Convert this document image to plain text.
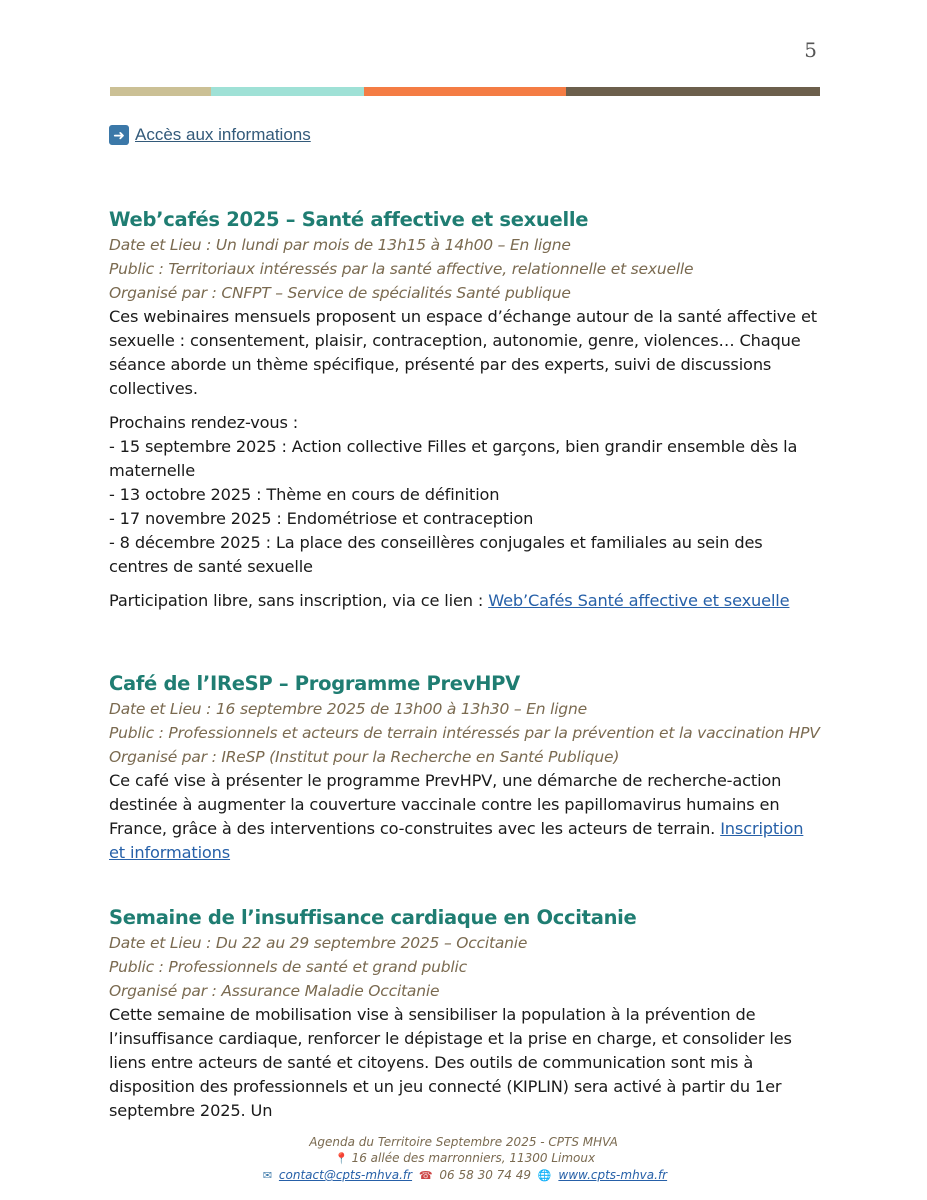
5
➜ Accès aux informations
Web’cafés 2025 – Santé affective et sexuelle
Date et Lieu : Un lundi par mois de 13h15 à 14h00 – En ligne
Public : Territoriaux intéressés par la santé affective, relationnelle et sexuelle
Organisé par : CNFPT – Service de spécialités Santé publique

Ces webinaires mensuels proposent un espace d’échange autour de la santé affective et sexuelle : consentement, plaisir, contraception, autonomie, genre, violences… Chaque séance aborde un thème spécifique, présenté par des experts, suivi de discussions collectives.

Prochains rendez-vous :
- 15 septembre 2025 : Action collective Filles et garçons, bien grandir ensemble dès la maternelle
- 13 octobre 2025 : Thème en cours de définition
- 17 novembre 2025 : Endométriose et contraception
- 8 décembre 2025 : La place des conseillères conjugales et familiales au sein des centres de santé sexuelle

Participation libre, sans inscription, via ce lien : Web’Cafés Santé affective et sexuelle

Café de l’IReSP – Programme PrevHPV
Date et Lieu : 16 septembre 2025 de 13h00 à 13h30 – En ligne
Public : Professionnels et acteurs de terrain intéressés par la prévention et la vaccination HPV
Organisé par : IReSP (Institut pour la Recherche en Santé Publique)

Ce café vise à présenter le programme PrevHPV, une démarche de recherche-action destinée à augmenter la couverture vaccinale contre les papillomavirus humains en France, grâce à des interventions co-construites avec les acteurs de terrain. Inscription et informations

Semaine de l’insuffisance cardiaque en Occitanie
Date et Lieu : Du 22 au 29 septembre 2025 – Occitanie
Public : Professionnels de santé et grand public
Organisé par : Assurance Maladie Occitanie

Cette semaine de mobilisation vise à sensibiliser la population à la prévention de l’insuffisance cardiaque, renforcer le dépistage et la prise en charge, et consolider les liens entre acteurs de santé et citoyens. Des outils de communication sont mis à disposition des professionnels et un jeu connecté (KIPLIN) sera activé à partir du 1er septembre 2025. Un

Agenda du Territoire Septembre 2025 - CPTS MHVA
📍 16 allée des marronniers, 11300 Limoux
✉ contact@cpts-mhva.fr ☎ 06 58 30 74 49 🌐 www.cpts-mhva.fr
